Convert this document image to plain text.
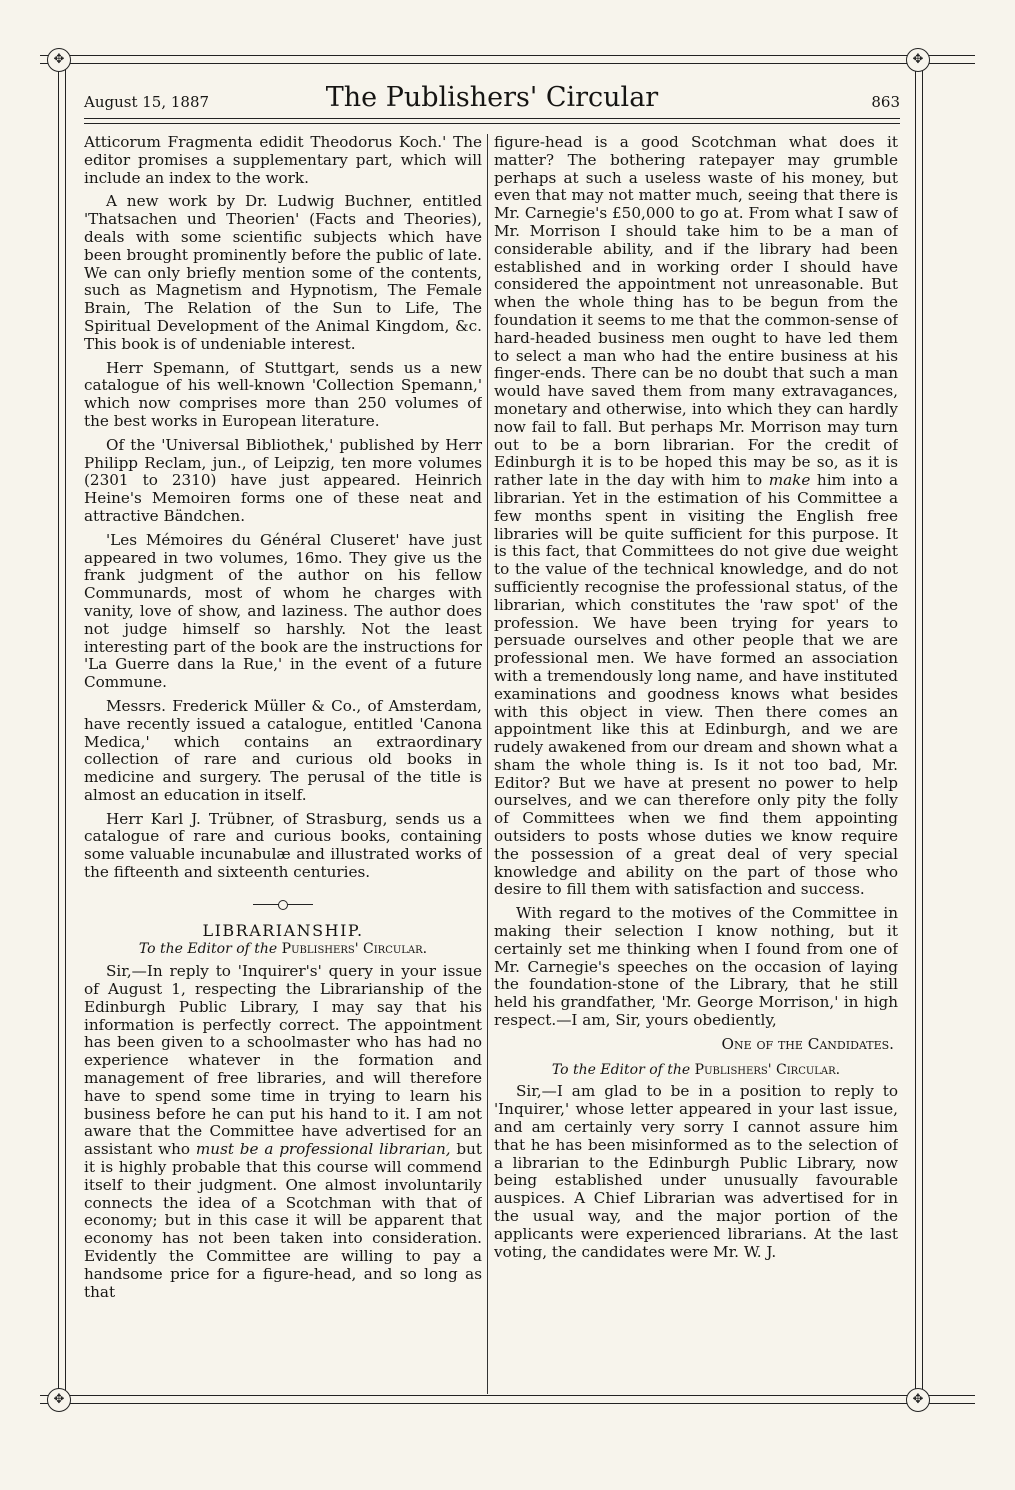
✥	✥
✥	✥
August 15, 1887	The Publishers' Circular	863

Atticorum Fragmenta edidit Theodorus Koch.' The editor promises a supplementary part, which will include an index to the work.

A new work by Dr. Ludwig Buchner, entitled 'Thatsachen und Theorien' (Facts and Theories), deals with some scientific subjects which have been brought prominently before the public of late. We can only briefly mention some of the contents, such as Magnetism and Hypnotism, The Female Brain, The Relation of the Sun to Life, The Spiritual Development of the Animal Kingdom, &c. This book is of undeniable interest.

Herr Spemann, of Stuttgart, sends us a new catalogue of his well-known 'Collection Spemann,' which now comprises more than 250 volumes of the best works in European literature.

Of the 'Universal Bibliothek,' published by Herr Philipp Reclam, jun., of Leipzig, ten more volumes (2301 to 2310) have just appeared. Heinrich Heine's Memoiren forms one of these neat and attractive Bändchen.

'Les Mémoires du Général Cluseret' have just appeared in two volumes, 16mo. They give us the frank judgment of the author on his fellow Communards, most of whom he charges with vanity, love of show, and laziness. The author does not judge himself so harshly. Not the least interesting part of the book are the instructions for 'La Guerre dans la Rue,' in the event of a future Commune.

Messrs. Frederick Müller & Co., of Amsterdam, have recently issued a catalogue, entitled 'Canona Medica,' which contains an extraordinary collection of rare and curious old books in medicine and surgery. The perusal of the title is almost an education in itself.

Herr Karl J. Trübner, of Strasburg, sends us a catalogue of rare and curious books, containing some valuable incunabulæ and illustrated works of the fifteenth and sixteenth centuries.

LIBRARIANSHIP.
To the Editor of the Publishers' Circular.

Sir,—In reply to 'Inquirer's' query in your issue of August 1, respecting the Librarianship of the Edinburgh Public Library, I may say that his information is perfectly correct. The appointment has been given to a schoolmaster who has had no experience whatever in the formation and management of free libraries, and will therefore have to spend some time in trying to learn his business before he can put his hand to it. I am not aware that the Committee have advertised for an assistant who must be a professional librarian, but it is highly probable that this course will commend itself to their judgment. One almost involuntarily connects the idea of a Scotchman with that of economy; but in this case it will be apparent that economy has not been taken into consideration. Evidently the Committee are willing to pay a handsome price for a figure-head, and so long as that

figure-head is a good Scotchman what does it matter? The bothering ratepayer may grumble perhaps at such a useless waste of his money, but even that may not matter much, seeing that there is Mr. Carnegie's £50,000 to go at. From what I saw of Mr. Morrison I should take him to be a man of considerable ability, and if the library had been established and in working order I should have considered the appointment not unreasonable. But when the whole thing has to be begun from the foundation it seems to me that the common-sense of hard-headed business men ought to have led them to select a man who had the entire business at his finger-ends. There can be no doubt that such a man would have saved them from many extravagances, monetary and otherwise, into which they can hardly now fail to fall. But perhaps Mr. Morrison may turn out to be a born librarian. For the credit of Edinburgh it is to be hoped this may be so, as it is rather late in the day with him to make him into a librarian. Yet in the estimation of his Committee a few months spent in visiting the English free libraries will be quite sufficient for this purpose. It is this fact, that Committees do not give due weight to the value of the technical knowledge, and do not sufficiently recognise the professional status, of the librarian, which constitutes the 'raw spot' of the profession. We have been trying for years to persuade ourselves and other people that we are professional men. We have formed an association with a tremendously long name, and have instituted examinations and goodness knows what besides with this object in view. Then there comes an appointment like this at Edinburgh, and we are rudely awakened from our dream and shown what a sham the whole thing is. Is it not too bad, Mr. Editor? But we have at present no power to help ourselves, and we can therefore only pity the folly of Committees when we find them appointing outsiders to posts whose duties we know require the possession of a great deal of very special knowledge and ability on the part of those who desire to fill them with satisfaction and success.

With regard to the motives of the Committee in making their selection I know nothing, but it certainly set me thinking when I found from one of Mr. Carnegie's speeches on the occasion of laying the foundation-stone of the Library, that he still held his grandfather, 'Mr. George Morrison,' in high respect.—I am, Sir, yours obediently,

One of the Candidates.
To the Editor of the Publishers' Circular.

Sir,—I am glad to be in a position to reply to 'Inquirer,' whose letter appeared in your last issue, and am certainly very sorry I cannot assure him that he has been misinformed as to the selection of a librarian to the Edinburgh Public Library, now being established under unusually favourable auspices. A Chief Librarian was advertised for in the usual way, and the major portion of the applicants were experienced librarians. At the last voting, the candidates were Mr. W. J.
